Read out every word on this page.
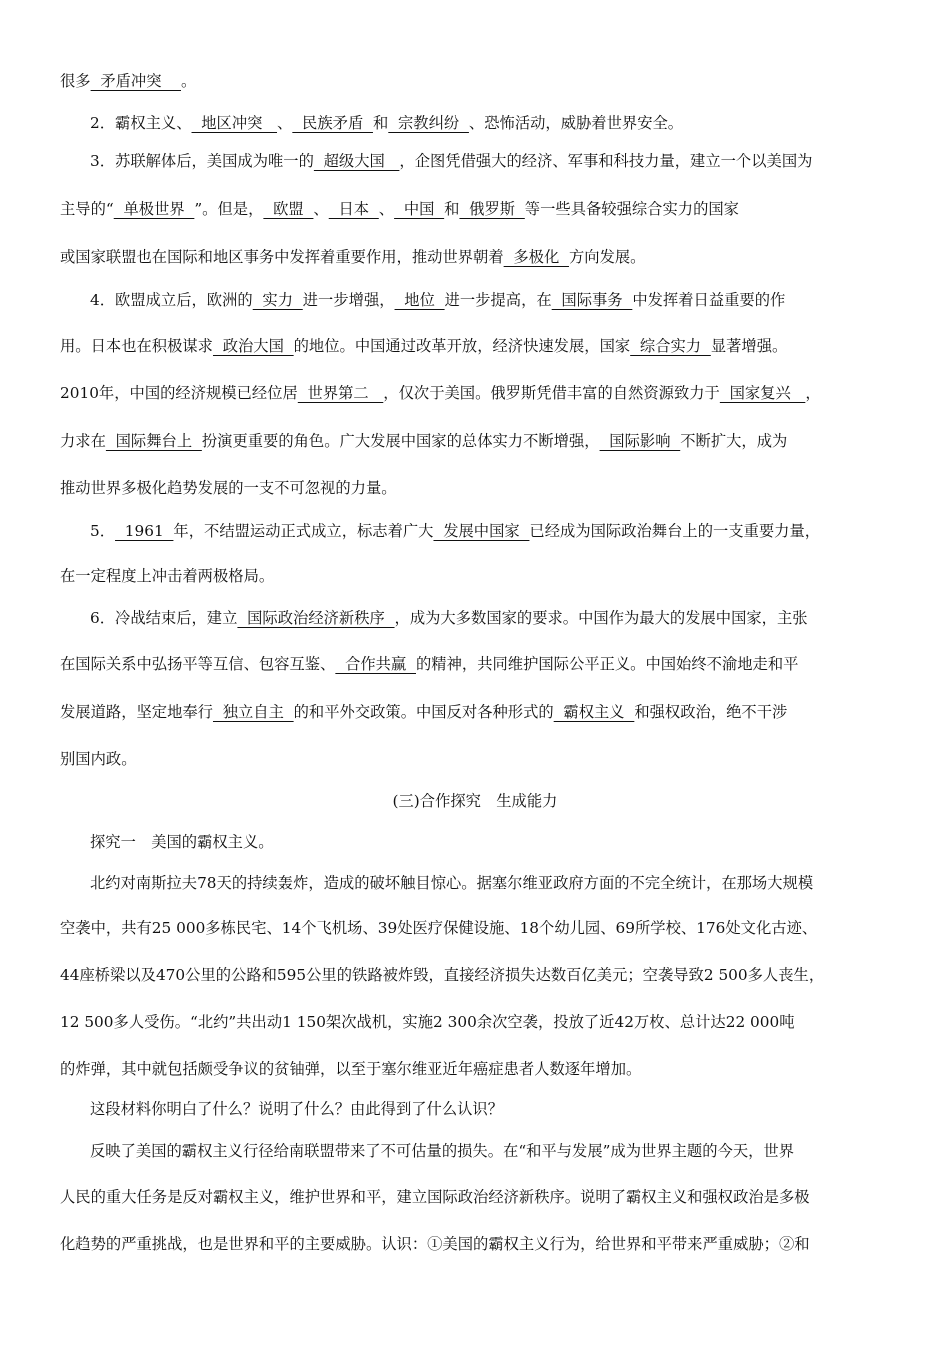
很多  矛盾冲突    。
2．霸权主义、  地区冲突   、  民族矛盾  和  宗教纠纷  、恐怖活动，威胁着世界安全。
3．苏联解体后，美国成为唯一的  超级大国   ，企图凭借强大的经济、军事和科技力量，建立一个以美国为
主导的“  单极世界  ”。但是，  欧盟  、  日本  、  中国  和  俄罗斯  等一些具备较强综合实力的国家
或国家联盟也在国际和地区事务中发挥着重要作用，推动世界朝着  多极化  方向发展。
4．欧盟成立后，欧洲的  实力  进一步增强，  地位  进一步提高，在  国际事务  中发挥着日益重要的作
用。日本也在积极谋求  政治大国  的地位。中国通过改革开放，经济快速发展，国家  综合实力  显著增强。
2010年，中国的经济规模已经位居  世界第二   ，仅次于美国。俄罗斯凭借丰富的自然资源致力于  国家复兴   ，
力求在  国际舞台上  扮演更重要的角色。广大发展中国家的总体实力不断增强，  国际影响  不断扩大，成为
推动世界多极化趋势发展的一支不可忽视的力量。
5．  1961  年，不结盟运动正式成立，标志着广大  发展中国家  已经成为国际政治舞台上的一支重要力量，
在一定程度上冲击着两极格局。
6．冷战结束后，建立  国际政治经济新秩序  ，成为大多数国家的要求。中国作为最大的发展中国家，主张
在国际关系中弘扬平等互信、包容互鉴、  合作共赢  的精神，共同维护国际公平正义。中国始终不渝地走和平
发展道路，坚定地奉行  独立自主  的和平外交政策。中国反对各种形式的  霸权主义  和强权政治，绝不干涉
别国内政。
(三)合作探究　生成能力
探究一　美国的霸权主义。
北约对南斯拉夫78天的持续轰炸，造成的破坏触目惊心。据塞尔维亚政府方面的不完全统计，在那场大规模
空袭中，共有25 000多栋民宅、14个飞机场、39处医疗保健设施、18个幼儿园、69所学校、176处文化古迹、
44座桥梁以及470公里的公路和595公里的铁路被炸毁，直接经济损失达数百亿美元；空袭导致2 500多人丧生，
12 500多人受伤。“北约”共出动1 150架次战机，实施2 300余次空袭，投放了近42万枚、总计达22 000吨
的炸弹，其中就包括颇受争议的贫铀弹，以至于塞尔维亚近年癌症患者人数逐年增加。
这段材料你明白了什么？说明了什么？由此得到了什么认识？
反映了美国的霸权主义行径给南联盟带来了不可估量的损失。在“和平与发展”成为世界主题的今天，世界
人民的重大任务是反对霸权主义，维护世界和平，建立国际政治经济新秩序。说明了霸权主义和强权政治是多极
化趋势的严重挑战，也是世界和平的主要威胁。认识：①美国的霸权主义行为，给世界和平带来严重威胁；②和
